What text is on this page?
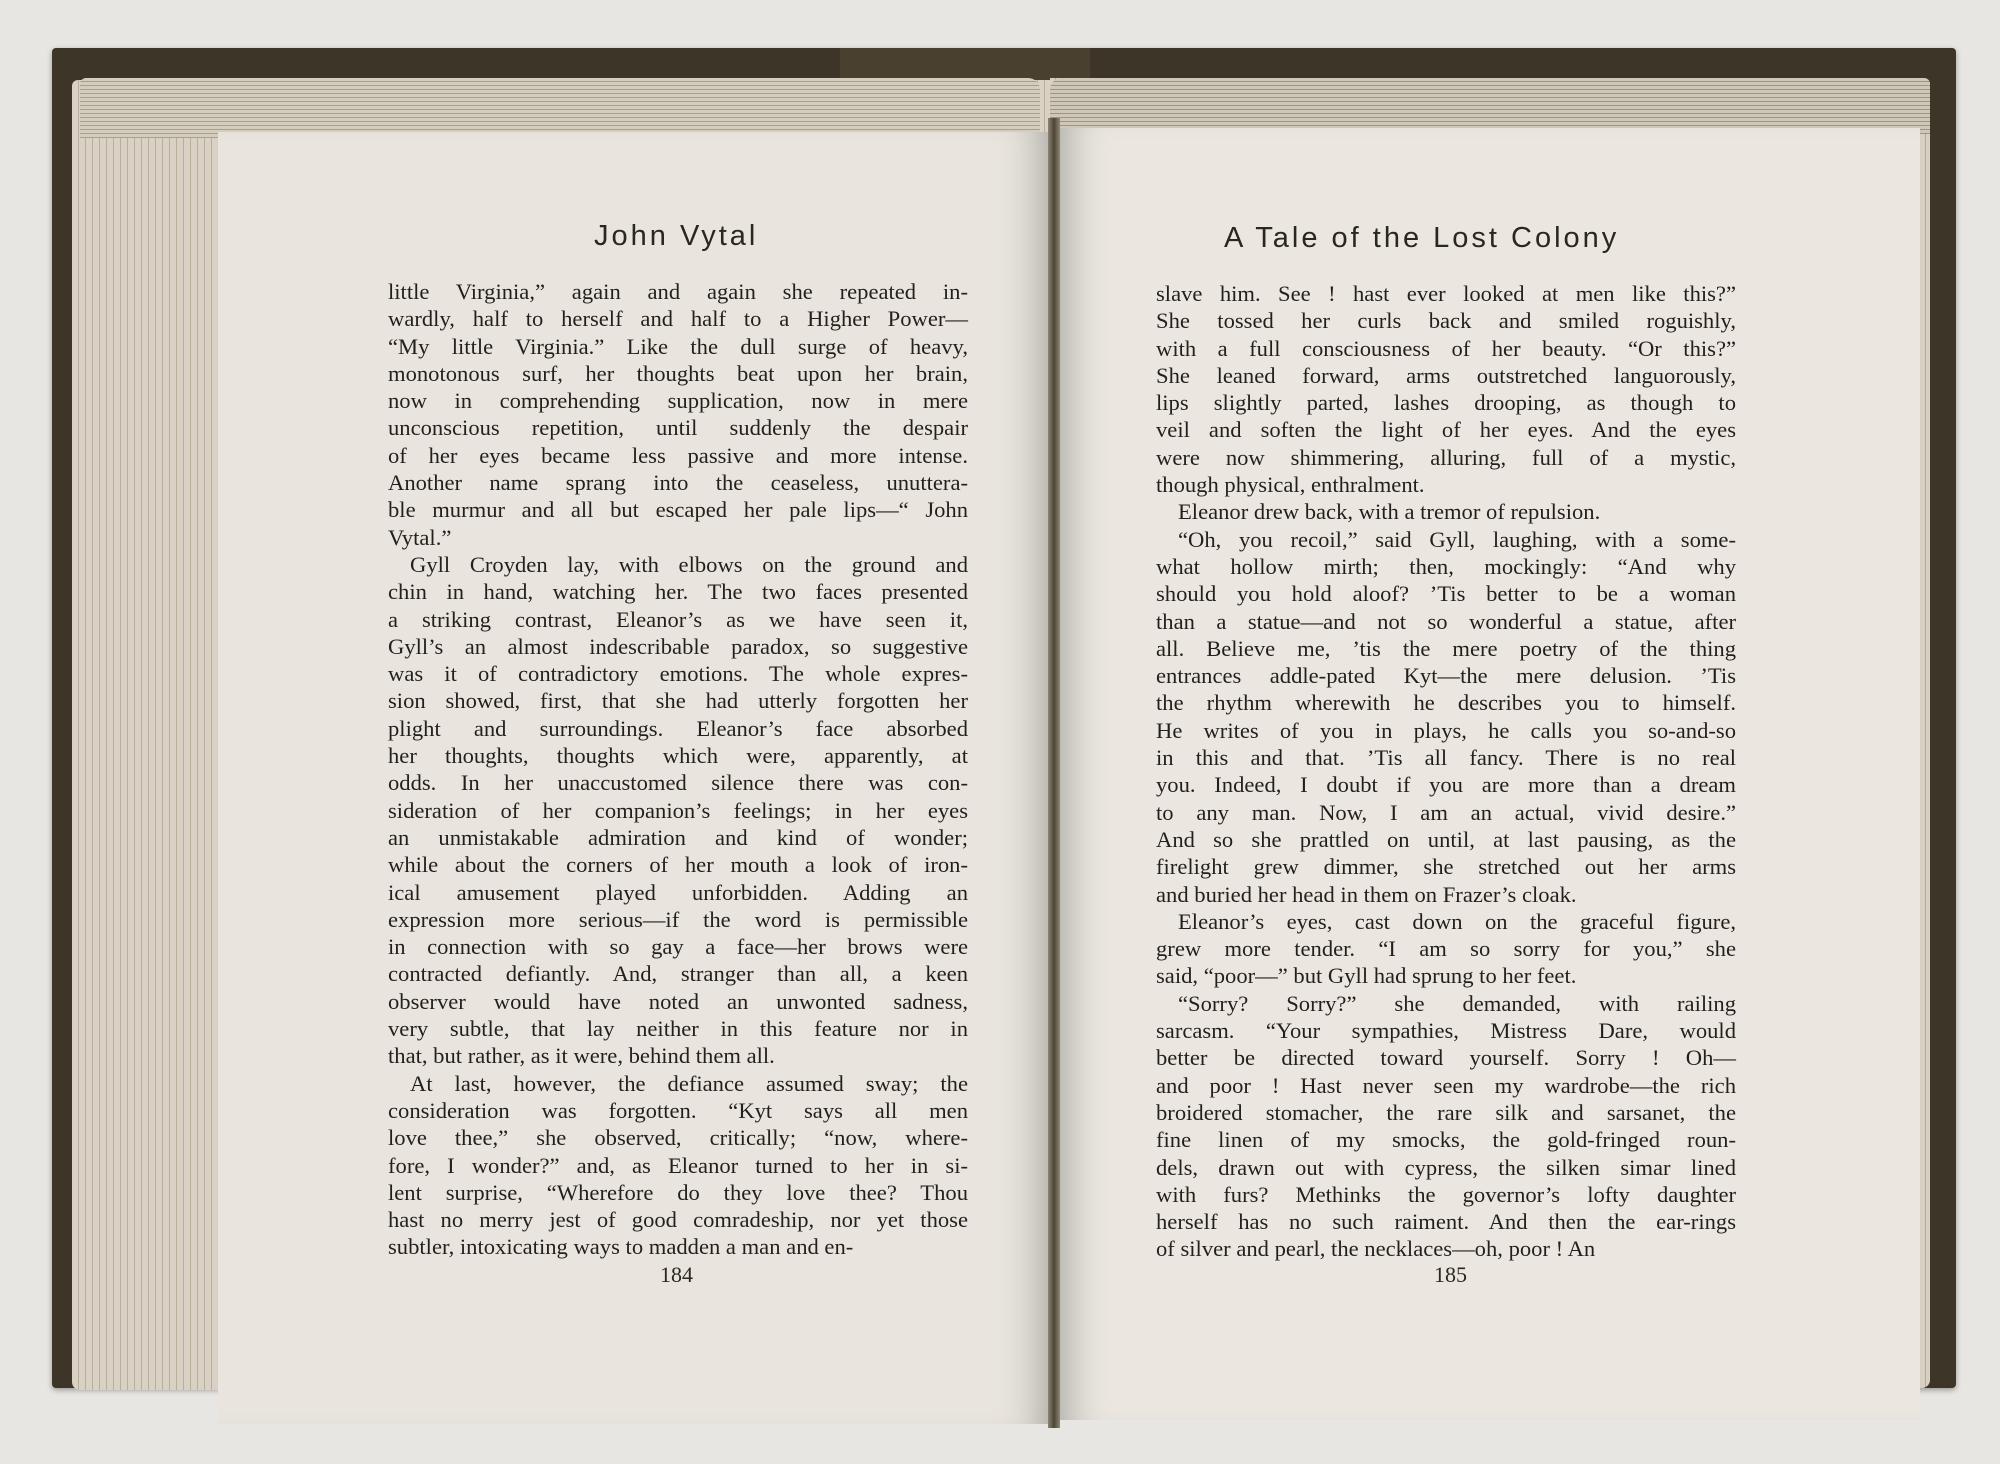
John Vytal
little Virginia,” again and again she repeated in-
wardly, half to herself and half to a Higher Power—
“My little Virginia.” Like the dull surge of heavy,
monotonous surf, her thoughts beat upon her brain,
now in comprehending supplication, now in mere
unconscious repetition, until suddenly the despair
of her eyes became less passive and more intense.
Another name sprang into the ceaseless, unuttera-
ble murmur and all but escaped her pale lips—“ John
Vytal.”
Gyll Croyden lay, with elbows on the ground and
chin in hand, watching her. The two faces presented
a striking contrast, Eleanor’s as we have seen it,
Gyll’s an almost indescribable paradox, so suggestive
was it of contradictory emotions. The whole expres-
sion showed, first, that she had utterly forgotten her
plight and surroundings. Eleanor’s face absorbed
her thoughts, thoughts which were, apparently, at
odds. In her unaccustomed silence there was con-
sideration of her companion’s feelings; in her eyes
an unmistakable admiration and kind of wonder;
while about the corners of her mouth a look of iron-
ical amusement played unforbidden. Adding an
expression more serious—if the word is permissible
in connection with so gay a face—her brows were
contracted defiantly. And, stranger than all, a keen
observer would have noted an unwonted sadness,
very subtle, that lay neither in this feature nor in
that, but rather, as it were, behind them all.
At last, however, the defiance assumed sway; the
consideration was forgotten. “Kyt says all men
love thee,” she observed, critically; “now, where-
fore, I wonder?” and, as Eleanor turned to her in si-
lent surprise, “Wherefore do they love thee? Thou
hast no merry jest of good comradeship, nor yet those
subtler, intoxicating ways to madden a man and en-
184
A Tale of the Lost Colony
slave him. See ! hast ever looked at men like this?”
She tossed her curls back and smiled roguishly,
with a full consciousness of her beauty. “Or this?”
She leaned forward, arms outstretched languorously,
lips slightly parted, lashes drooping, as though to
veil and soften the light of her eyes. And the eyes
were now shimmering, alluring, full of a mystic,
though physical, enthralment.
Eleanor drew back, with a tremor of repulsion.
“Oh, you recoil,” said Gyll, laughing, with a some-
what hollow mirth; then, mockingly: “And why
should you hold aloof? ’Tis better to be a woman
than a statue—and not so wonderful a statue, after
all. Believe me, ’tis the mere poetry of the thing
entrances addle-pated Kyt—the mere delusion. ’Tis
the rhythm wherewith he describes you to himself.
He writes of you in plays, he calls you so-and-so
in this and that. ’Tis all fancy. There is no real
you. Indeed, I doubt if you are more than a dream
to any man. Now, I am an actual, vivid desire.”
And so she prattled on until, at last pausing, as the
firelight grew dimmer, she stretched out her arms
and buried her head in them on Frazer’s cloak.
Eleanor’s eyes, cast down on the graceful figure,
grew more tender. “I am so sorry for you,” she
said, “poor—” but Gyll had sprung to her feet.
“Sorry? Sorry?” she demanded, with railing
sarcasm. “Your sympathies, Mistress Dare, would
better be directed toward yourself. Sorry ! Oh—
and poor ! Hast never seen my wardrobe—the rich
broidered stomacher, the rare silk and sarsanet, the
fine linen of my smocks, the gold-fringed roun-
dels, drawn out with cypress, the silken simar lined
with furs? Methinks the governor’s lofty daughter
herself has no such raiment. And then the ear-rings
of silver and pearl, the necklaces—oh, poor ! An
185
